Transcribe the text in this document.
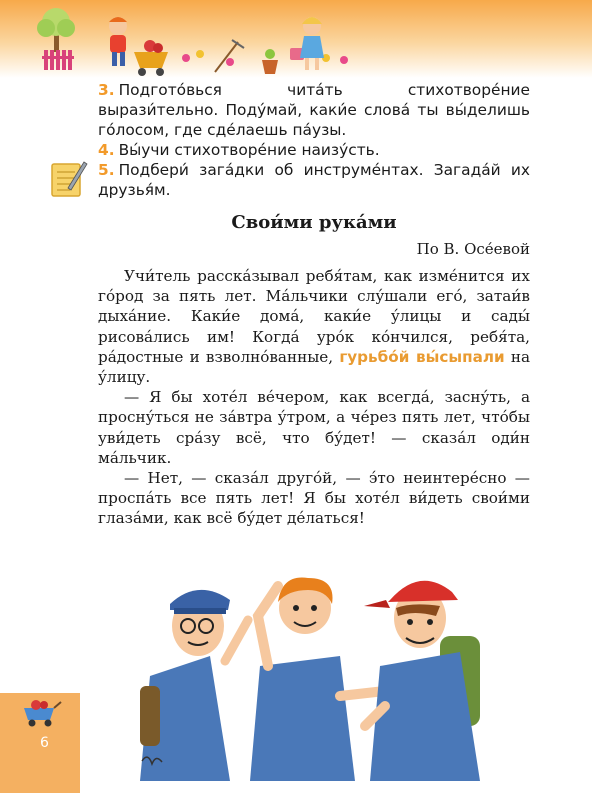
3. Подгото́вься чита́ть стихотворе́ние вырази́тельно. Поду́май, каки́е слова́ ты вы́делишь го́лосом, где сде́лаешь па́узы.

4. Вы́учи стихотворе́ние наизу́сть.

5. Подбери́ зага́дки об инструме́нтах. Загада́й их друзья́м.

Свои́ми рука́ми

По В. Осе́евой

Учи́тель расска́зывал ребя́там, как изме́нится их го́род за пять лет. Ма́льчики слу́шали его́, затаи́в дыха́ние. Каки́е дома́, каки́е у́лицы и сады́ рисова́лись им! Когда́ уро́к ко́нчился, ребя́та, ра́достные и взволно́ванные, гурьбо́й вы́сыпали на у́лицу.

— Я бы хоте́л ве́чером, как всегда́, засну́ть, а просну́ться не за́втра у́тром, а че́рез пять лет, что́бы уви́деть сра́зу всё, что бу́дет! — сказа́л оди́н ма́льчик.

— Нет, — сказа́л друго́й, — э́то неинтере́сно — проспа́ть все пять лет! Я бы хоте́л ви́деть свои́ми глаза́ми, как всё бу́дет де́латься!

6
